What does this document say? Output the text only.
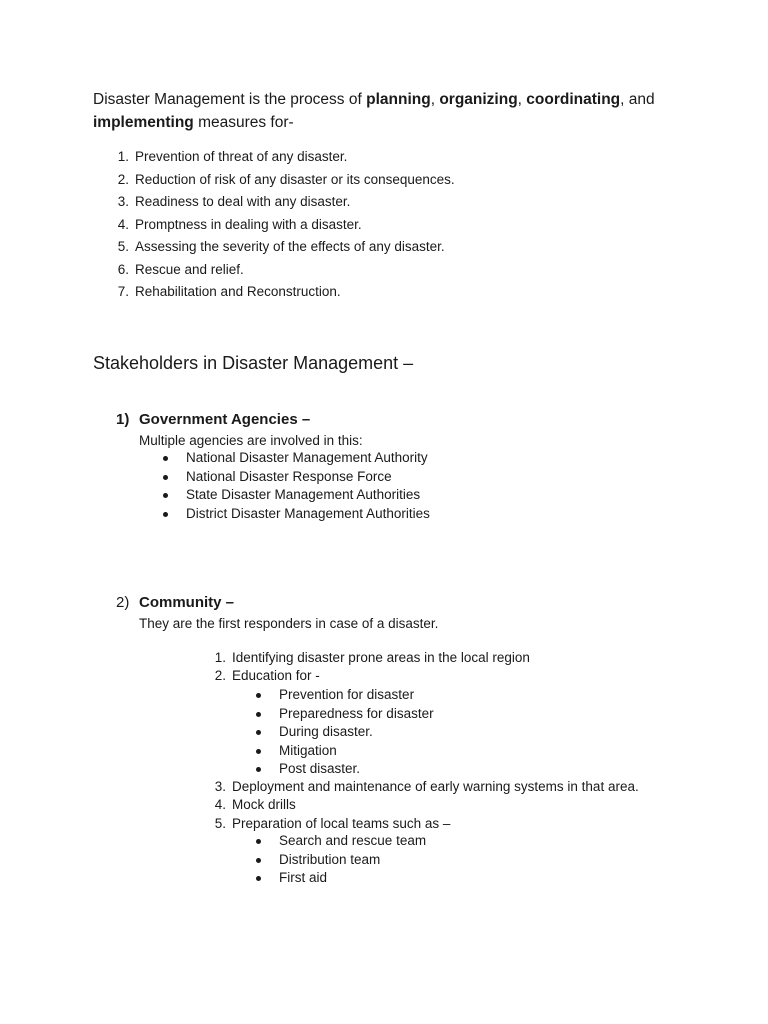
Disaster Management is the process of planning, organizing, coordinating, and
implementing measures for-
1. Prevention of threat of any disaster.
2. Reduction of risk of any disaster or its consequences.
3. Readiness to deal with any disaster.
4. Promptness in dealing with a disaster.
5. Assessing the severity of the effects of any disaster.
6. Rescue and relief.
7. Rehabilitation and Reconstruction.
Stakeholders in Disaster Management –
1) Government Agencies –
Multiple agencies are involved in this:
National Disaster Management Authority
National Disaster Response Force
State Disaster Management Authorities
District Disaster Management Authorities
2) Community –
They are the first responders in case of a disaster.
1. Identifying disaster prone areas in the local region
2. Education for -
Prevention for disaster
Preparedness for disaster
During disaster.
Mitigation
Post disaster.
3. Deployment and maintenance of early warning systems in that area.
4. Mock drills
5. Preparation of local teams such as –
Search and rescue team
Distribution team
First aid
